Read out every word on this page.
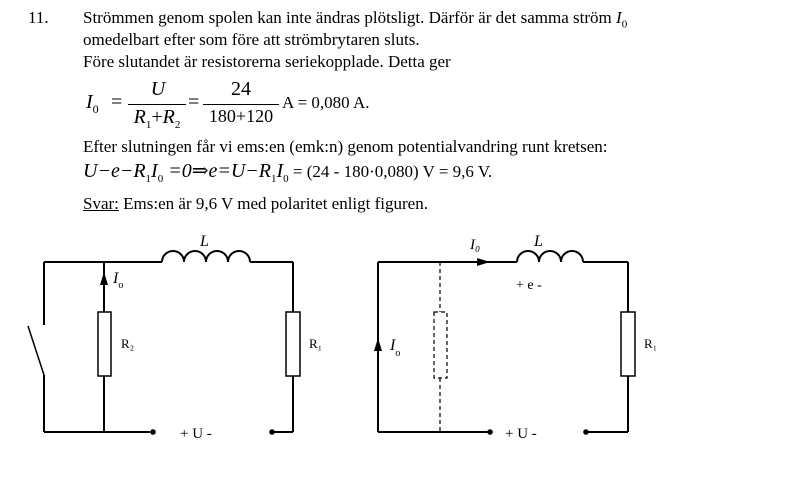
11. Strömmen genom spolen kan inte ändras plötsligt. Därför är det samma ström $I_0$
omedelbart efter som före att strömbrytaren sluts.
Före slutandet är resistorerna seriekopplade. Detta ger
$I_0$ =
U
$R_1+R_2$
=
24
180+120
A = 0,080 A.
Efter slutningen får vi ems:en (emk:n) genom potentialvandring runt kretsen:
$U-e-R_1I_0$ $=0\Rightarrow e=U-R_1I_0 = (24 - 180\cdot 0,080) V = 9,6$ V.
Svar: Ems:en är 9,6 V med polaritet enligt figuren.
L
$I_o$
R₂	R₁
+ U -
L
I₀
+ e -
$I_o$
R₁
+ U -
